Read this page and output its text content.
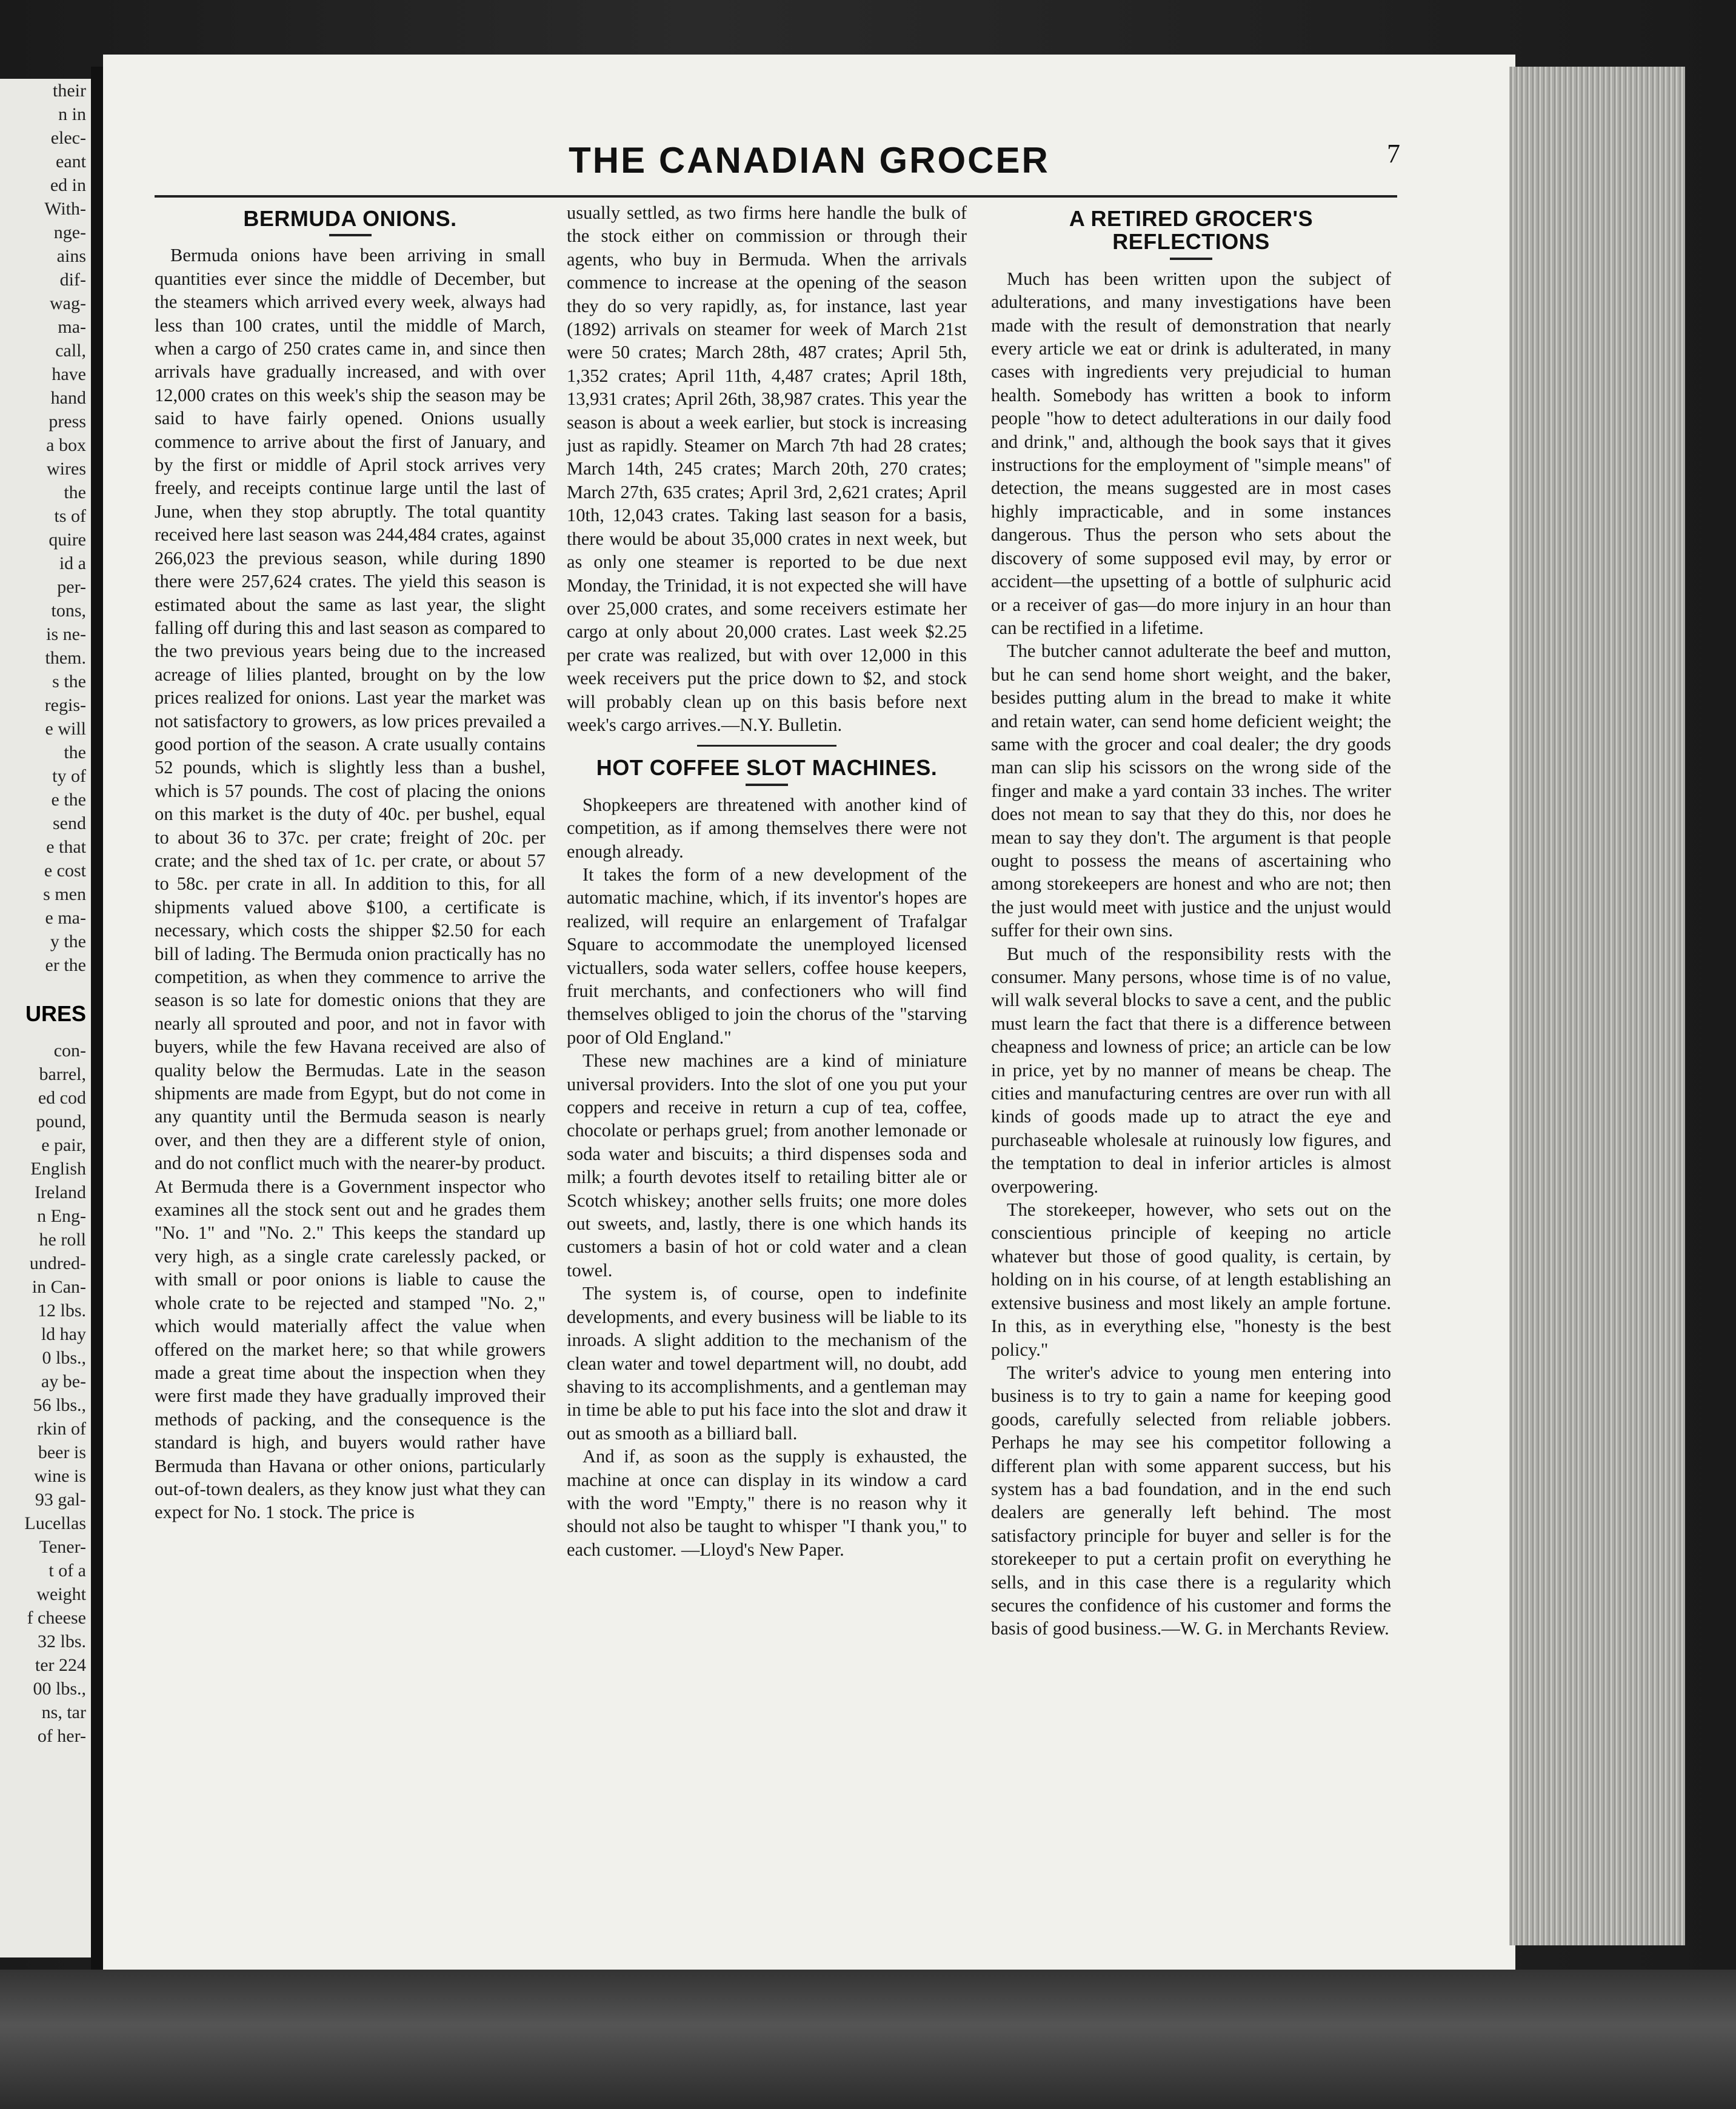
their
n in
elec-
eant
ed in
With-
nge-
ains
dif-
wag-
ma-
call,
have
hand
press
a box
wires
the
ts of
quire
id a
per-
tons,
is ne-
them.
s the
regis-
e will
the
ty of
e the
send
e that
e cost
s men
e ma-
y the
er the
URES
con-
barrel,
ed cod
pound,
e pair,
English
Ireland
n Eng-
he roll
undred-
in Can-
12 lbs.
ld hay
0 lbs.,
ay be-
56 lbs.,
rkin of
beer is
wine is
93 gal-
Lucellas
Tener-
t of a
weight
f cheese
32 lbs.
ter 224
00 lbs.,
ns, tar
of her-
THE CANADIAN GROCER	7
BERMUDA ONIONS.

Bermuda onions have been arriving in small quantities ever since the middle of December, but the steamers which arrived every week, always had less than 100 crates, until the middle of March, when a cargo of 250 crates came in, and since then arrivals have gradually increased, and with over 12,000 crates on this week's ship the season may be said to have fairly opened. Onions usually commence to arrive about the first of January, and by the first or middle of April stock arrives very freely, and receipts continue large until the last of June, when they stop abruptly. The total quantity received here last season was 244,484 crates, against 266,023 the previous season, while during 1890 there were 257,624 crates. The yield this season is estimated about the same as last year, the slight falling off during this and last season as compared to the two previous years being due to the increased acreage of lilies planted, brought on by the low prices realized for onions. Last year the market was not satisfactory to growers, as low prices prevailed a good portion of the season. A crate usually contains 52 pounds, which is slightly less than a bushel, which is 57 pounds. The cost of placing the onions on this market is the duty of 40c. per bushel, equal to about 36 to 37c. per crate; freight of 20c. per crate; and the shed tax of 1c. per crate, or about 57 to 58c. per crate in all. In addition to this, for all shipments valued above $100, a certificate is necessary, which costs the shipper $2.50 for each bill of lading. The Bermuda onion practically has no competition, as when they commence to arrive the season is so late for domestic onions that they are nearly all sprouted and poor, and not in favor with buyers, while the few Havana received are also of quality below the Bermudas. Late in the season shipments are made from Egypt, but do not come in any quantity until the Bermuda season is nearly over, and then they are a different style of onion, and do not conflict much with the nearer-by product. At Bermuda there is a Government inspector who examines all the stock sent out and he grades them "No. 1" and "No. 2." This keeps the standard up very high, as a single crate carelessly packed, or with small or poor onions is liable to cause the whole crate to be rejected and stamped "No. 2," which would materially affect the value when offered on the market here; so that while growers made a great time about the inspection when they were first made they have gradually improved their methods of packing, and the consequence is the standard is high, and buyers would rather have Bermuda than Havana or other onions, particularly out-of-town dealers, as they know just what they can expect for No. 1 stock. The price is

usually settled, as two firms here handle the bulk of the stock either on commission or through their agents, who buy in Bermuda. When the arrivals commence to increase at the opening of the season they do so very rapidly, as, for instance, last year (1892) arrivals on steamer for week of March 21st were 50 crates; March 28th, 487 crates; April 5th, 1,352 crates; April 11th, 4,487 crates; April 18th, 13,931 crates; April 26th, 38,987 crates. This year the season is about a week earlier, but stock is increasing just as rapidly. Steamer on March 7th had 28 crates; March 14th, 245 crates; March 20th, 270 crates; March 27th, 635 crates; April 3rd, 2,621 crates; April 10th, 12,043 crates. Taking last season for a basis, there would be about 35,000 crates in next week, but as only one steamer is reported to be due next Monday, the Trinidad, it is not expected she will have over 25,000 crates, and some receivers estimate her cargo at only about 20,000 crates. Last week $2.25 per crate was realized, but with over 12,000 in this week receivers put the price down to $2, and stock will probably clean up on this basis before next week's cargo arrives.—N.Y. Bulletin.

HOT COFFEE SLOT MACHINES.

Shopkeepers are threatened with another kind of competition, as if among themselves there were not enough already.

It takes the form of a new development of the automatic machine, which, if its inventor's hopes are realized, will require an enlargement of Trafalgar Square to accommodate the unemployed licensed victuallers, soda water sellers, coffee house keepers, fruit merchants, and confectioners who will find themselves obliged to join the chorus of the "starving poor of Old England."

These new machines are a kind of miniature universal providers. Into the slot of one you put your coppers and receive in return a cup of tea, coffee, chocolate or perhaps gruel; from another lemonade or soda water and biscuits; a third dispenses soda and milk; a fourth devotes itself to retailing bitter ale or Scotch whiskey; another sells fruits; one more doles out sweets, and, lastly, there is one which hands its customers a basin of hot or cold water and a clean towel.

The system is, of course, open to indefinite developments, and every business will be liable to its inroads. A slight addition to the mechanism of the clean water and towel department will, no doubt, add shaving to its accomplishments, and a gentleman may in time be able to put his face into the slot and draw it out as smooth as a billiard ball.

And if, as soon as the supply is exhausted, the machine at once can display in its window a card with the word "Empty," there is no reason why it should not also be taught to whisper "I thank you," to each customer. —Lloyd's New Paper.

A RETIRED GROCER'S REFLECTIONS

Much has been written upon the subject of adulterations, and many investigations have been made with the result of demonstration that nearly every article we eat or drink is adulterated, in many cases with ingredients very prejudicial to human health. Somebody has written a book to inform people "how to detect adulterations in our daily food and drink," and, although the book says that it gives instructions for the employment of "simple means" of detection, the means suggested are in most cases highly impracticable, and in some instances dangerous. Thus the person who sets about the discovery of some supposed evil may, by error or accident—the upsetting of a bottle of sulphuric acid or a receiver of gas—do more injury in an hour than can be rectified in a lifetime.

The butcher cannot adulterate the beef and mutton, but he can send home short weight, and the baker, besides putting alum in the bread to make it white and retain water, can send home deficient weight; the same with the grocer and coal dealer; the dry goods man can slip his scissors on the wrong side of the finger and make a yard contain 33 inches. The writer does not mean to say that they do this, nor does he mean to say they don't. The argument is that people ought to possess the means of ascertaining who among storekeepers are honest and who are not; then the just would meet with justice and the unjust would suffer for their own sins.

But much of the responsibility rests with the consumer. Many persons, whose time is of no value, will walk several blocks to save a cent, and the public must learn the fact that there is a difference between cheapness and lowness of price; an article can be low in price, yet by no manner of means be cheap. The cities and manufacturing centres are over run with all kinds of goods made up to atract the eye and purchaseable wholesale at ruinously low figures, and the temptation to deal in inferior articles is almost overpowering.

The storekeeper, however, who sets out on the conscientious principle of keeping no article whatever but those of good quality, is certain, by holding on in his course, of at length establishing an extensive business and most likely an ample fortune. In this, as in everything else, "honesty is the best policy."

The writer's advice to young men entering into business is to try to gain a name for keeping good goods, carefully selected from reliable jobbers. Perhaps he may see his competitor following a different plan with some apparent success, but his system has a bad foundation, and in the end such dealers are generally left behind. The most satisfactory principle for buyer and seller is for the storekeeper to put a certain profit on everything he sells, and in this case there is a regularity which secures the confidence of his customer and forms the basis of good business.—W. G. in Merchants Review.
